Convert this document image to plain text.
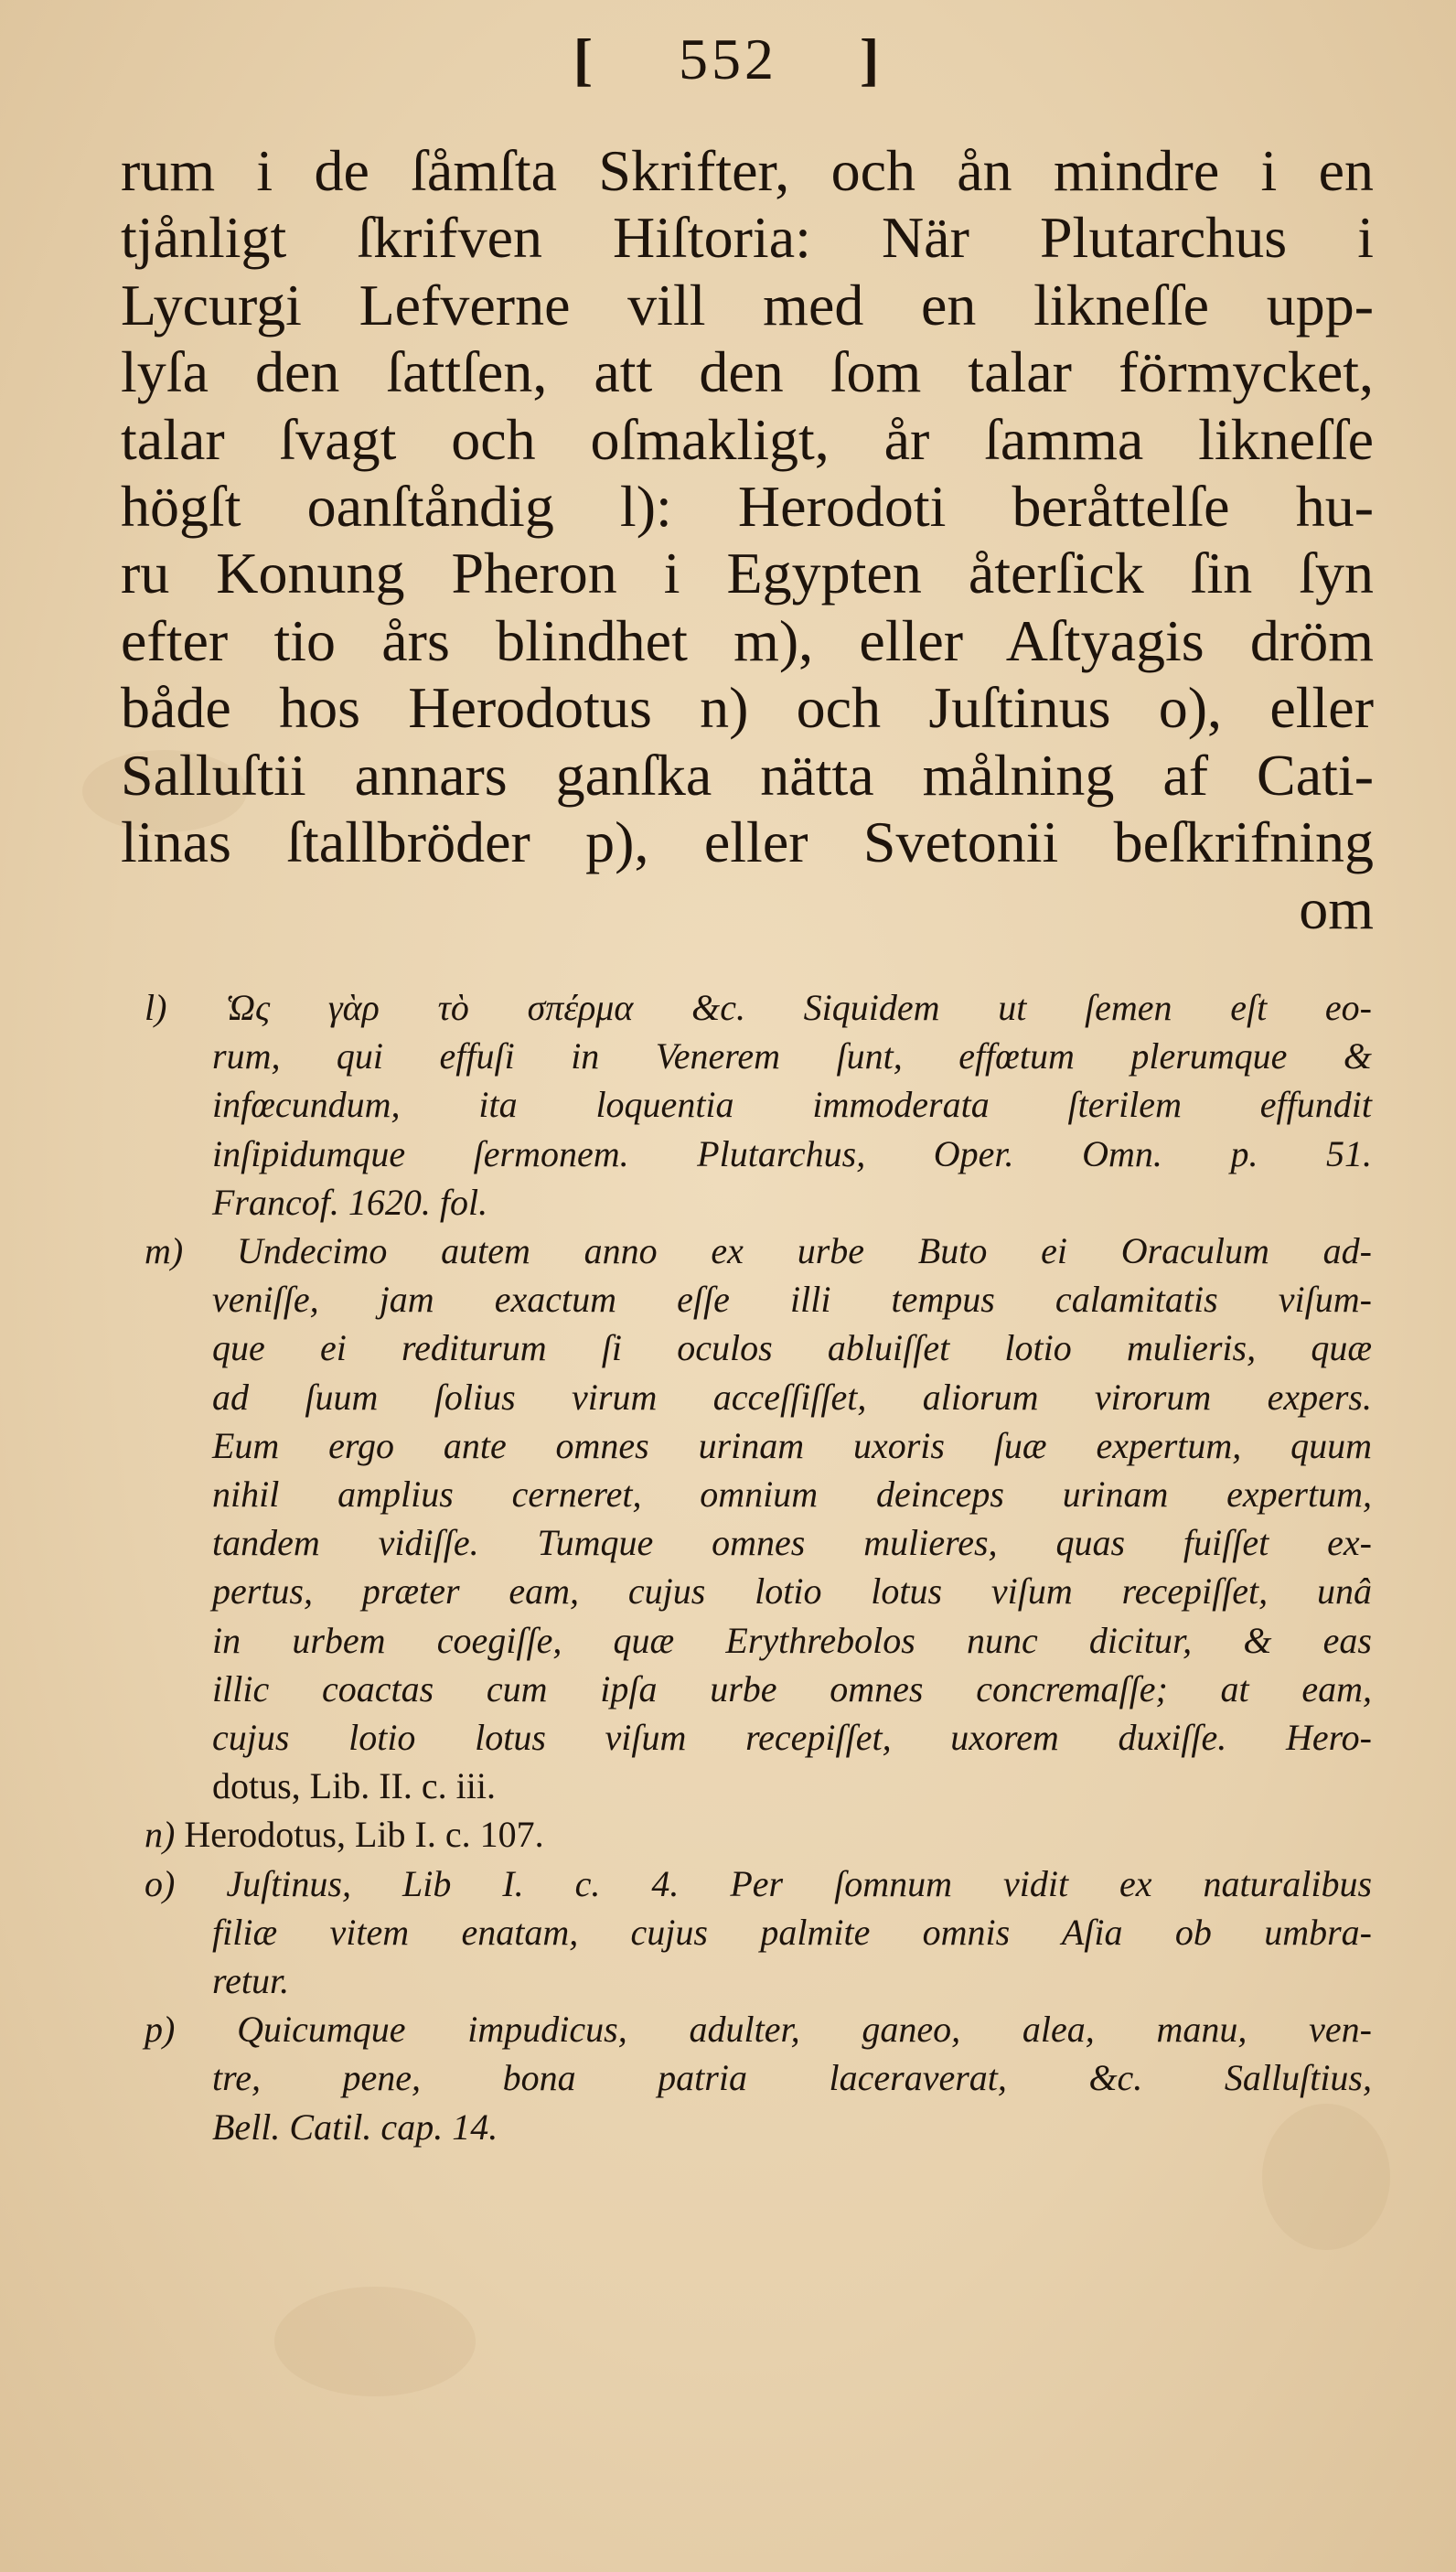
[ 552 ]
rum i de ſåmſta Skrifter, och ån mindre i en
tjånligt ſkrifven Hiſtoria: När Plutarchus i
Lycurgi Lefverne vill med en likneſſe upp-
lyſa den ſattſen, att den ſom talar förmycket,
talar ſvagt och oſmakligt, år ſamma likneſſe
högſt oanſtåndig l): Herodoti beråttelſe hu-
ru Konung Pheron i Egypten återſick ſin ſyn
efter tio års blindhet m), eller Aſtyagis dröm
både hos Herodotus n) och Juſtinus o), eller
Salluſtii annars ganſka nätta målning af Cati-
linas ſtallbröder p), eller Svetonii beſkrifning
om
l) Ὡς γὰρ τὸ σπέρμα &c. Siquidem ut ſemen eſt eo-
rum, qui effuſi in Venerem ſunt, effœtum plerumque &
infœcundum, ita loquentia immoderata ſterilem effundit
inſipidumque ſermonem. Plutarchus, Oper. Omn. p. 51.
Francof. 1620. fol.
m) Undecimo autem anno ex urbe Buto ei Oraculum ad-
veniſſe, jam exactum eſſe illi tempus calamitatis viſum-
que ei rediturum ſi oculos abluiſſet lotio mulieris, quæ
ad ſuum ſolius virum acceſſiſſet, aliorum virorum expers.
Eum ergo ante omnes urinam uxoris ſuæ expertum, quum
nihil amplius cerneret, omnium deinceps urinam expertum,
tandem vidiſſe. Tumque omnes mulieres, quas fuiſſet ex-
pertus, præter eam, cujus lotio lotus viſum recepiſſet, unâ
in urbem coegiſſe, quæ Erythrebolos nunc dicitur, & eas
illic coactas cum ipſa urbe omnes concremaſſe; at eam,
cujus lotio lotus viſum recepiſſet, uxorem duxiſſe. Hero-
dotus, Lib. II. c. iii.
n) Herodotus, Lib I. c. 107.
o) Juſtinus, Lib I. c. 4. Per ſomnum vidit ex naturalibus
filiæ vitem enatam, cujus palmite omnis Aſia ob umbra-
retur.
p) Quicumque impudicus, adulter, ganeo, alea, manu, ven-
tre, pene, bona patria laceraverat, &c. Salluſtius,
Bell. Catil. cap. 14.
